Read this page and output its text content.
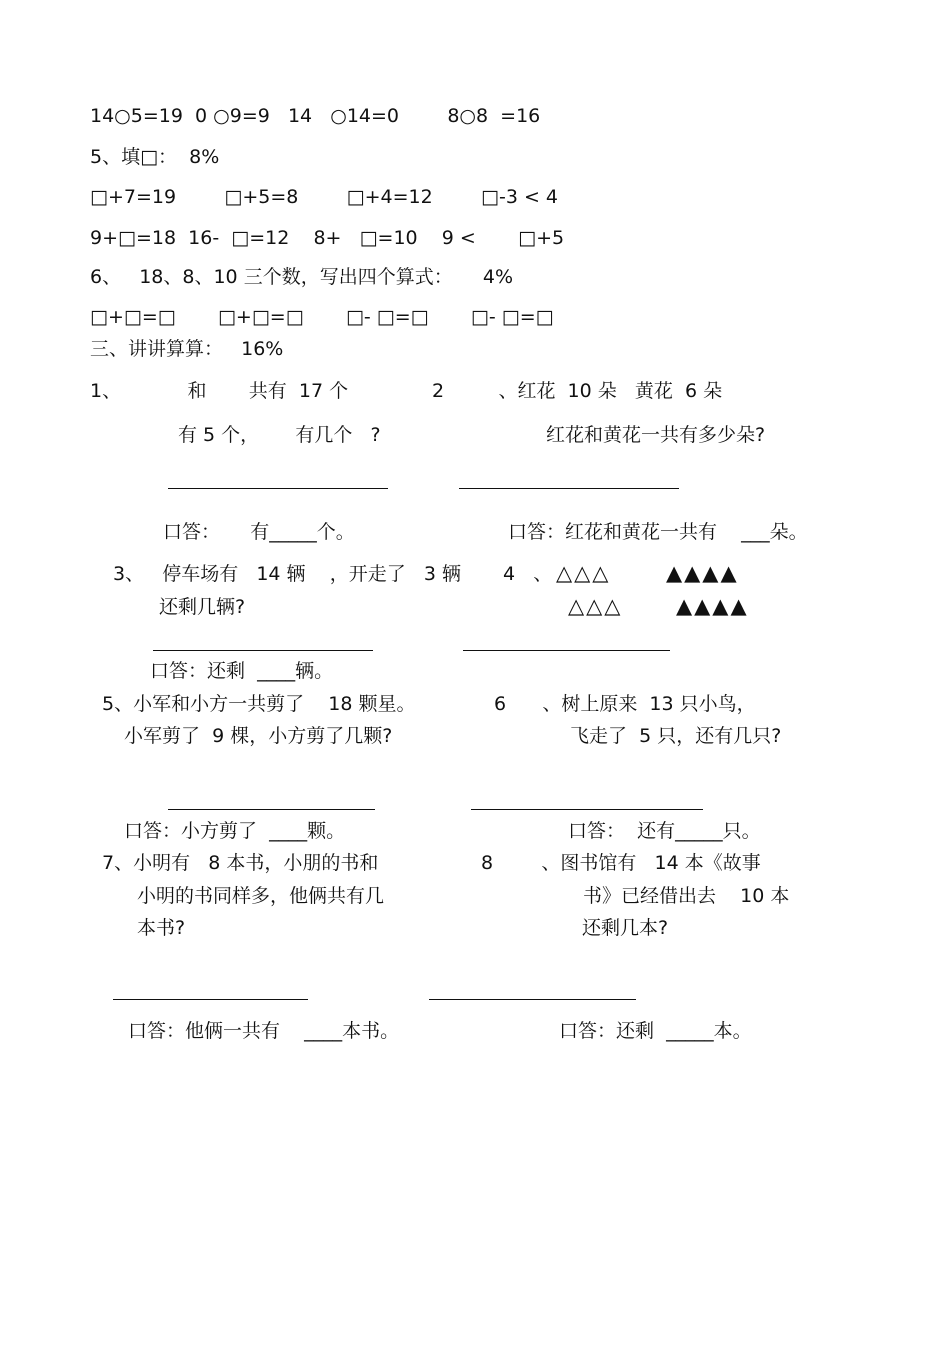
14○5=19  0 ○9=9   14   ○14=0        8○8  =16
5、填□：  8%
□+7=19        □+5=8        □+4=12        □-3 < 4
9+□=18  16-  □=12    8+   □=10    9 <       □+5
6、   18、8、10 三个数，写出四个算式：     4%
□+□=□       □+□=□       □- □=□       □- □=□
三、讲讲算算：   16%
1、           和       共有  17 个
有 5 个，      有几个   ?
口答：     有_____个。
2         、红花  10 朵   黄花  6 朵
红花和黄花一共有多少朵?
口答：红花和黄花一共有    ___朵。
3、   停车场有   14 辆    ，开走了   3 辆
还剩几辆?
口答：还剩  ____辆。
4   、 △△△	▲▲▲▲
△△△	▲▲▲▲
5、小军和小方一共剪了    18 颗星。
小军剪了  9 棵，小方剪了几颗?
口答：小方剪了  ____颗。
6      、树上原来  13 只小鸟，
飞走了  5 只，还有几只?
口答：  还有_____只。
7、小明有   8 本书，小朋的书和
小明的书同样多，他俩共有几
本书?
口答：他俩一共有    ____本书。
8        、图书馆有   14 本《故事
书》已经借出去    10 本
还剩几本?
口答：还剩  _____本。
